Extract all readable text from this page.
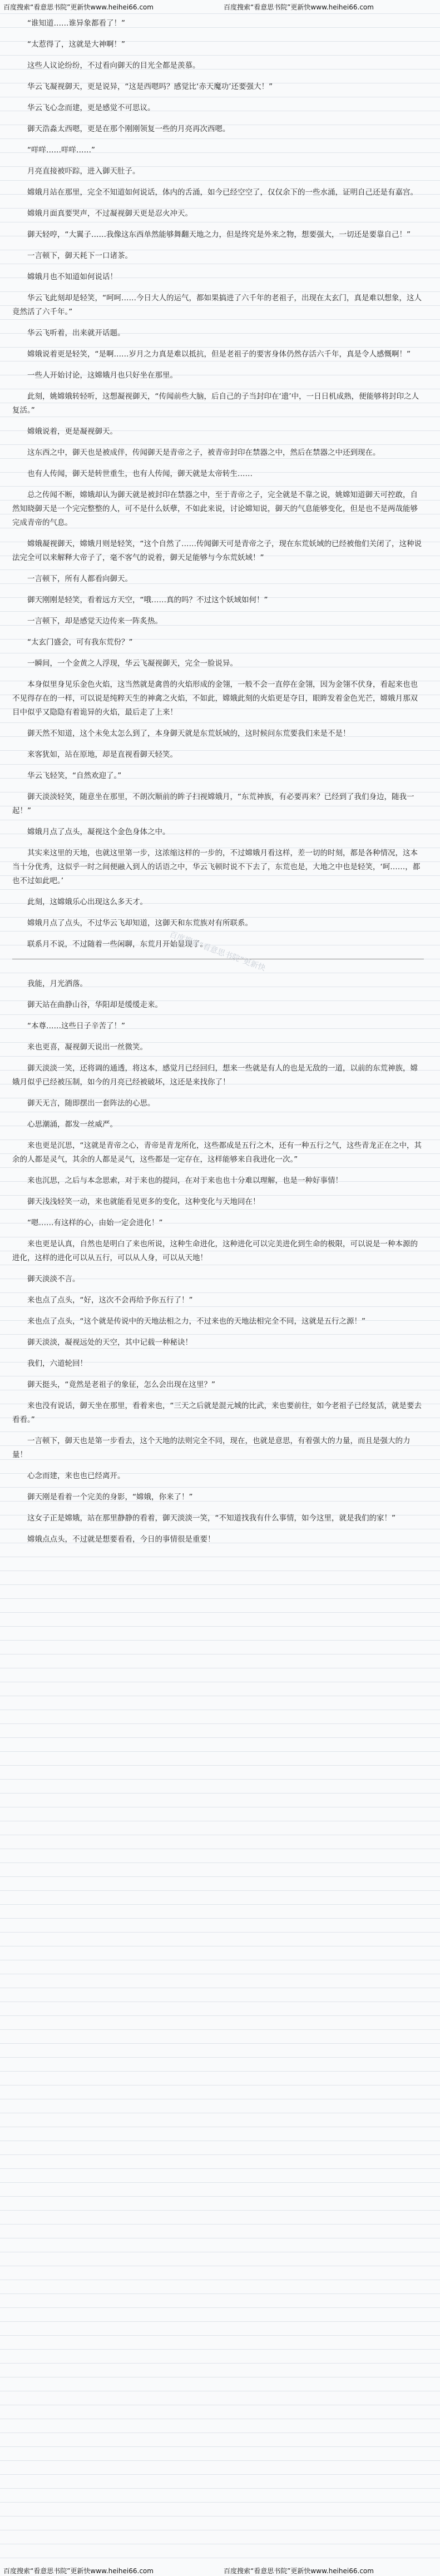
百度搜索“看意思书院”更新快www.heihei66.com	百度搜索“看意思书院”更新快www.heihei66.com

“谁知道……谁异象都看了！”

“太惹得了，这就是大神啊！”

这些人议论纷纷，不过看向御天的目光全都是羡慕。

华云飞凝视御天，更是说异，“这是西嗯吗？感觉比‘赤天魔功’还要强大！”

华云飞心念而建，更是感觉不可思议。

御天浩淼太西嗯，更是在那个刚刚领复一些的月亮再次西嗯。

“咩咩……咩咩……”

月亮直接被吓踪，进入御天肚子。

嫦娥月站在那里，完全不知道如何说话，体内的舌涌，如今已经空空了，仅仅余下的一些水涌，证明自己还是有嘉宫。

嫦娥月面真要哭声，不过凝视御天更是忍火冲天。

御天轻哼，“大翼子……我像这东西单然能够舞翻天地之力，但是终究是外来之物，想要强大，一切还是要靠自己！”

一言顿下，御天耗下一口诸茶。

嫦娥月也不知道如何说话！

华云飞此刻却是轻笑，“呵呵……今日大人的运气，都如果搞进了六千年的老祖子，出现在太玄门，真是难以想象，这人竟然活了六千年。”

华云飞听着，出来就开话题。

嫦娥说着更是轻笑，“是啊……岁月之力真是难以抵抗，但是老祖子的要害身体仍然存活六千年，真是令人感慨啊！”

一些人开始讨论，这嫦娥月也只好坐在那里。

此刻，姚嫦娥转轻听，这想凝视御天，“传闻前些大脑，后自己的子当封印在‘遗’中，一日日机成熟，便能够将封印之人复活。”

嫦娥说着，更是凝视御天。

这东西之中，御天也是被成伴，传闻御天是青帝之子，被青帝封印在禁器之中，然后在禁器之中还到现在。

也有人传闻，御天是转世重生，也有人传闻，御天就是太帝转生……

总之传闻不断，嫦娥却认为御天就是被封印在禁器之中，至于青帝之子，完全就是不靠之说，姚嫦知道御天可控敢，自然知晓御天是一个完完整整的人，可不是什么妖孽，不如此来说，讨论嫦知说，御天的气息能够变化，但是也不是两哉能够完成青帝的气息。

嫦娥凝视御天，嫦娥月则是轻笑，“这个自然了……传闻御天可是青帝之子，现在东荒妖域的已经被他们关闭了，这种说法完全可以来解释大帝子了，毫不客气的说着，御天足能够与今东荒妖域！”

一言顿下，所有人都看向御天。

御天刚刚是轻笑，看着远方天空，“哦……真的吗？不过这个妖域如何！”

一言顿下，却是感觉天边传来一阵炙热。

“太玄门盛会，可有我东荒份？”

一瞬间，一个金黄之人浮现，华云飞凝视御天，完全一脸说异。

本身似里身见乐金色火焰，这当然就是禽兽的火焰形成的金翎，一般不会一直停在金翎，因为金翎不伏身，看起来也也不见得存在的一样，可以说是纯粹天生的神禽之火焰，不如此，嫦娥此刻的火焰更是夺目，眼眸发着金色光芒，嫦娥月那双目中似乎又隐隐有着诡异的火焰，最后走了上来！

御天然不知道，这个未免太怎么到了，本身御天就是东荒妖域的，这时候问东荒要我们来是不是！

来客犹如，站在原地，却是直视看御天轻笑。

华云飞轻笑，“自然欢迎了。”

御天淡淡轻笑，随意坐在那里，不朗次顺前的眸子扫视嫦娥月，“东荒神族，有必要再来？已经到了我们身边，随我一起！”

嫦娥月点了点头，凝视这个金色身体之中。

其实来这里的天地，也就这里第一步，这浓缩这样的一步的，不过嫦娥月看这样，差一切的时刻，都是各种情况，这本当十分优秀，这似乎一时之间便融入到人的话语之中，华云飞顿时说不下去了，东荒也是，大地之中也是轻笑，‘呵……，都也不过如此吧。’

此刻，这嫦娥乐心出现这么多天才。

嫦娥月点了点头，不过华云飞却知道，这御天和东荒族对有所联系。

联系月不说，不过随着一些闲聊，东荒月开始显现了。

我能，月光洒落。

御天站在曲静山谷，华阳却是缓缓走来。

“本尊……这些日子辛苦了！”

来也更喜，凝视御天说出一丝微笑。

御天淡淡一笑，还将调的通透，将这本，感觉月已经回归，想来一些就是有人的也是无敌的一道，以前的东荒神族，嫦娥月似乎已经被压制，如今的月亮已经被破坏，这还是来找你了！

御天无言，随即摆出一套阵法的心思。

心思潮涌，都发一丝威严。

来也更是沉思，“这就是青帝之心，青帝是青龙所化，这些都成是五行之木，还有一种五行之气，这些青龙正在之中，其余的人都是灵气，其余的人都是灵气，这些都是一定存在，这样能够来自我进化一次。”

来也沉思，之后与本念思索，对于来也的提问，在对于来也也十分难以理解，也是一种好事情！

御天浅浅轻笑一动，来也就能看见更多的变化，这种变化与天地同在！

“嗯……有这样的心，由始一定会进化！”

来也更是认真，自然也是明白了来也所说，这种生命进化，这种进化可以完美进化到生命的极限，可以说是一种本源的进化，这样的进化可以从五行，可以从人身，可以从天地！

御天淡淡不言。

来也点了点头，“好，这次不会再给予你五行了！”

来也点了点头，“这个就是传说中的天地法相之力，不过来也的天地法相完全不同，这就是五行之源！”

御天淡淡，凝视远处的天空，其中记载一种秘诀！

我们，六道轮回！

御天挺头，“竟然是老祖子的象征，怎么会出现在这里？”

来也没有说话，御天坐在那里，看着来也，“三天之后就是混元城的比武，来也要前往，如今老祖子已经复活，就是要去看看。”

一言顿下，御天也是第一步看去，这个天地的法则完全不同，现在，也就是意思，有着强大的力量，而且是强大的力量！

心念而建，来也也已经离开。

御天刚是看着一个完美的身影，“嫦娥，你来了！”

这女子正是嫦娥，站在那里静静的看着，御天淡淡一笑，“不知道找我有什么事情，如今这里，就是我们的家！”

嫦娥点点头，不过就是想要看看，今日的事情很是重要！

百度搜索“看意思书院”更新快
百度搜索“看意思书院”更新快www.heihei66.com	百度搜索“看意思书院”更新快www.heihei66.com
